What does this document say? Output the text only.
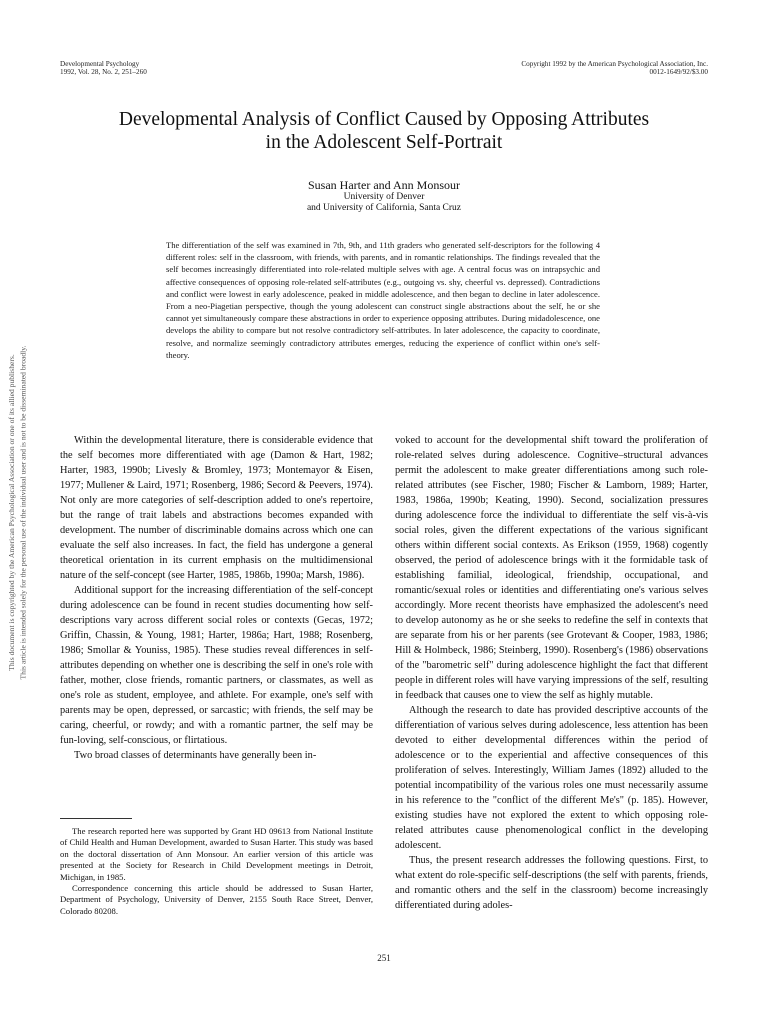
Developmental Psychology
1992, Vol. 28, No. 2, 251–260
Copyright 1992 by the American Psychological Association, Inc.
0012-1649/92/$3.00
Developmental Analysis of Conflict Caused by Opposing Attributes
in the Adolescent Self-Portrait
Susan Harter and Ann Monsour
University of Denver
and University of California, Santa Cruz
The differentiation of the self was examined in 7th, 9th, and 11th graders who generated self-descriptors for the following 4 different roles: self in the classroom, with friends, with parents, and in romantic relationships. The findings revealed that the self becomes increasingly differentiated into role-related multiple selves with age. A central focus was on intrapsychic and affective consequences of opposing role-related self-attributes (e.g., outgoing vs. shy, cheerful vs. depressed). Contradictions and conflict were lowest in early adolescence, peaked in middle adolescence, and then began to decline in later adolescence. From a neo-Piagetian perspective, though the young adolescent can construct single abstractions about the self, he or she cannot yet simultaneously compare these abstractions in order to experience opposing attributes. During midadolescence, one develops the ability to compare but not resolve contradictory self-attributes. In later adolescence, the capacity to coordinate, resolve, and normalize seemingly contradictory attributes emerges, reducing the experience of conflict within one's self-theory.
This document is copyrighted by the American Psychological Association or one of its allied publishers. This article is intended solely for the personal use of the individual user and is not to be disseminated broadly.	Within the developmental literature, there is considerable evidence that the self becomes more differentiated with age (Damon & Hart, 1982; Harter, 1983, 1990b; Livesly & Bromley, 1973; Montemayor & Eisen, 1977; Mullener & Laird, 1971; Rosenberg, 1986; Secord & Peevers, 1974). Not only are more categories of self-description added to one's repertoire, but the range of trait labels and abstractions becomes expanded with development. The number of discriminable domains across which one can evaluate the self also increases. In fact, the field has undergone a general theoretical orientation in its current emphasis on the multidimensional nature of the self-concept (see Harter, 1985, 1986b, 1990a; Marsh, 1986).

Additional support for the increasing differentiation of the self-concept during adolescence can be found in recent studies documenting how self-descriptions vary across different social roles or contexts (Gecas, 1972; Griffin, Chassin, & Young, 1981; Harter, 1986a; Hart, 1988; Rosenberg, 1986; Smollar & Youniss, 1985). These studies reveal differences in self-attributes depending on whether one is describing the self in one's role with father, mother, close friends, romantic partners, or classmates, as well as one's role as student, employee, and athlete. For example, one's self with parents may be open, depressed, or sarcastic; with friends, the self may be caring, cheerful, or rowdy; and with a romantic partner, the self may be fun-loving, self-conscious, or flirtatious.

Two broad classes of determinants have generally been in-

voked to account for the developmental shift toward the proliferation of role-related selves during adolescence. Cognitive–structural advances permit the adolescent to make greater differentiations among such role-related attributes (see Fischer, 1980; Fischer & Lamborn, 1989; Harter, 1983, 1986a, 1990b; Keating, 1990). Second, socialization pressures during adolescence force the individual to differentiate the self vis-à-vis social roles, given the different expectations of the various significant others within different social contexts. As Erikson (1959, 1968) cogently observed, the period of adolescence brings with it the formidable task of establishing familial, ideological, friendship, occupational, and romantic/sexual roles or identities and differentiating one's various selves accordingly. More recent theorists have emphasized the adolescent's need to develop autonomy as he or she seeks to redefine the self in contexts that are separate from his or her parents (see Grotevant & Cooper, 1983, 1986; Hill & Holmbeck, 1986; Steinberg, 1990). Rosenberg's (1986) observations of the "barometric self" during adolescence highlight the fact that different people in different roles will have varying impressions of the self, resulting in feedback that causes one to view the self as highly mutable.

Although the research to date has provided descriptive accounts of the differentiation of various selves during adolescence, less attention has been devoted to either developmental differences within the period of adolescence or to the experiential and affective consequences of this proliferation of selves. Interestingly, William James (1892) alluded to the potential incompatibility of the various roles one must necessarily assume in his reference to the "conflict of the different Me's" (p. 185). However, existing studies have not explored the extent to which opposing role-related attributes cause phenomenological conflict in the developing adolescent.

Thus, the present research addresses the following questions. First, to what extent do role-specific self-descriptions (the self with parents, friends, and romantic others and the self in the classroom) become increasingly differentiated during adoles-

The research reported here was supported by Grant HD 09613 from National Institute of Child Health and Human Development, awarded to Susan Harter. This study was based on the doctoral dissertation of Ann Monsour. An earlier version of this article was presented at the Society for Research in Child Development meetings in Detroit, Michigan, in 1985.

Correspondence concerning this article should be addressed to Susan Harter, Department of Psychology, University of Denver, 2155 South Race Street, Denver, Colorado 80208.

251
